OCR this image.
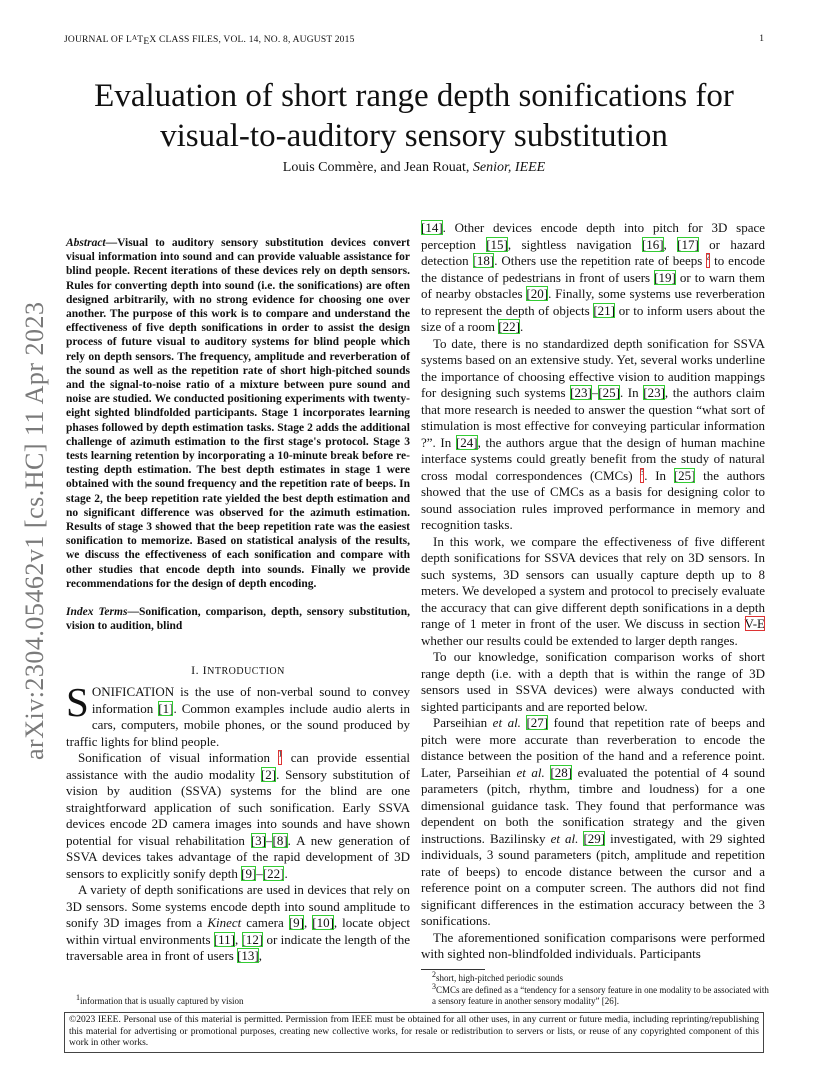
JOURNAL OF $L^ATEX$ CLASS FILES, VOL. 14, NO. 8, AUGUST 2015	1
arXiv:2304.05462v1 [cs.HC] 11 Apr 2023
Evaluation of short range depth sonifications for visual-to-auditory sensory substitution
Louis Commère, and Jean Rouat, Senior, IEEE
Abstract—Visual to auditory sensory substitution devices convert visual information into sound and can provide valuable assistance for blind people. Recent iterations of these devices rely on depth sensors. Rules for converting depth into sound (i.e. the sonifications) are often designed arbitrarily, with no strong evidence for choosing one over another. The purpose of this work is to compare and understand the effectiveness of five depth sonifications in order to assist the design process of future visual to auditory systems for blind people which rely on depth sensors. The frequency, amplitude and reverberation of the sound as well as the repetition rate of short high-pitched sounds and the signal-to-noise ratio of a mixture between pure sound and noise are studied. We conducted positioning experiments with twenty-eight sighted blindfolded participants. Stage 1 incorporates learning phases followed by depth estimation tasks. Stage 2 adds the additional challenge of azimuth estimation to the first stage's protocol. Stage 3 tests learning retention by incorporating a 10-minute break before re-testing depth estimation. The best depth estimates in stage 1 were obtained with the sound frequency and the repetition rate of beeps. In stage 2, the beep repetition rate yielded the best depth estimation and no significant difference was observed for the azimuth estimation. Results of stage 3 showed that the beep repetition rate was the easiest sonification to memorize. Based on statistical analysis of the results, we discuss the effectiveness of each sonification and compare with other studies that encode depth into sounds. Finally we provide recommendations for the design of depth encoding.
Index Terms—Sonification, comparison, depth, sensory substitution, vision to audition, blind
I. INTRODUCTION

SONIFICATION is the use of non-verbal sound to convey information [1]. Common examples include audio alerts in cars, computers, mobile phones, or the sound produced by traffic lights for blind people.

Sonification of visual information $^1$ can provide essential assistance with the audio modality [2]. Sensory substitution of vision by audition (SSVA) systems for the blind are one straightforward application of such sonification. Early SSVA devices encode 2D camera images into sounds and have shown potential for visual rehabilitation [3]–[8]. A new generation of SSVA devices takes advantage of the rapid development of 3D sensors to explicitly sonify depth [9]–[22].

A variety of depth sonifications are used in devices that rely on 3D sensors. Some systems encode depth into sound amplitude to sonify 3D images from a Kinect camera [9], [10], locate object within virtual environments [11], [12] or indicate the length of the traversable area in front of users [13],

[14]. Other devices encode depth into pitch for 3D space perception [15], sightless navigation [16], [17] or hazard detection [18]. Others use the repetition rate of beeps $^2$ to encode the distance of pedestrians in front of users [19] or to warn them of nearby obstacles [20]. Finally, some systems use reverberation to represent the depth of objects [21] or to inform users about the size of a room [22].

To date, there is no standardized depth sonification for SSVA systems based on an extensive study. Yet, several works underline the importance of choosing effective vision to audition mappings for designing such systems [23]–[25]. In [23], the authors claim that more research is needed to answer the question “what sort of stimulation is most effective for conveying particular information ?”. In [24], the authors argue that the design of human machine interface systems could greatly benefit from the study of natural cross modal correspondences (CMCs) $^3$. In [25] the authors showed that the use of CMCs as a basis for designing color to sound association rules improved performance in memory and recognition tasks.

In this work, we compare the effectiveness of five different depth sonifications for SSVA devices that rely on 3D sensors. In such systems, 3D sensors can usually capture depth up to 8 meters. We developed a system and protocol to precisely evaluate the accuracy that can give different depth sonifications in a depth range of 1 meter in front of the user. We discuss in section V-E whether our results could be extended to larger depth ranges.

To our knowledge, sonification comparison works of short range depth (i.e. with a depth that is within the range of 3D sensors used in SSVA devices) were always conducted with sighted participants and are reported below.

Parseihian et al. [27] found that repetition rate of beeps and pitch were more accurate than reverberation to encode the distance between the position of the hand and a reference point. Later, Parseihian et al. [28] evaluated the potential of 4 sound parameters (pitch, rhythm, timbre and loudness) for a one dimensional guidance task. They found that performance was dependent on both the sonification strategy and the given instructions. Bazilinsky et al. [29] investigated, with 29 sighted individuals, 3 sound parameters (pitch, amplitude and repetition rate of beeps) to encode distance between the cursor and a reference point on a computer screen. The authors did not find significant differences in the estimation accuracy between the 3 sonifications.

The aforementioned sonification comparisons were performed with sighted non-blindfolded individuals. Participants

$^2$short, high-pitched periodic sounds
$^3$CMCs are defined as a “tendency for a sensory feature in one modality to be associated with a sensory feature in another sensory modality” [26].
$^1$information that is usually captured by vision
©2023 IEEE. Personal use of this material is permitted. Permission from IEEE must be obtained for all other uses, in any current or future media, including reprinting/republishing this material for advertising or promotional purposes, creating new collective works, for resale or redistribution to servers or lists, or reuse of any copyrighted component of this work in other works.
